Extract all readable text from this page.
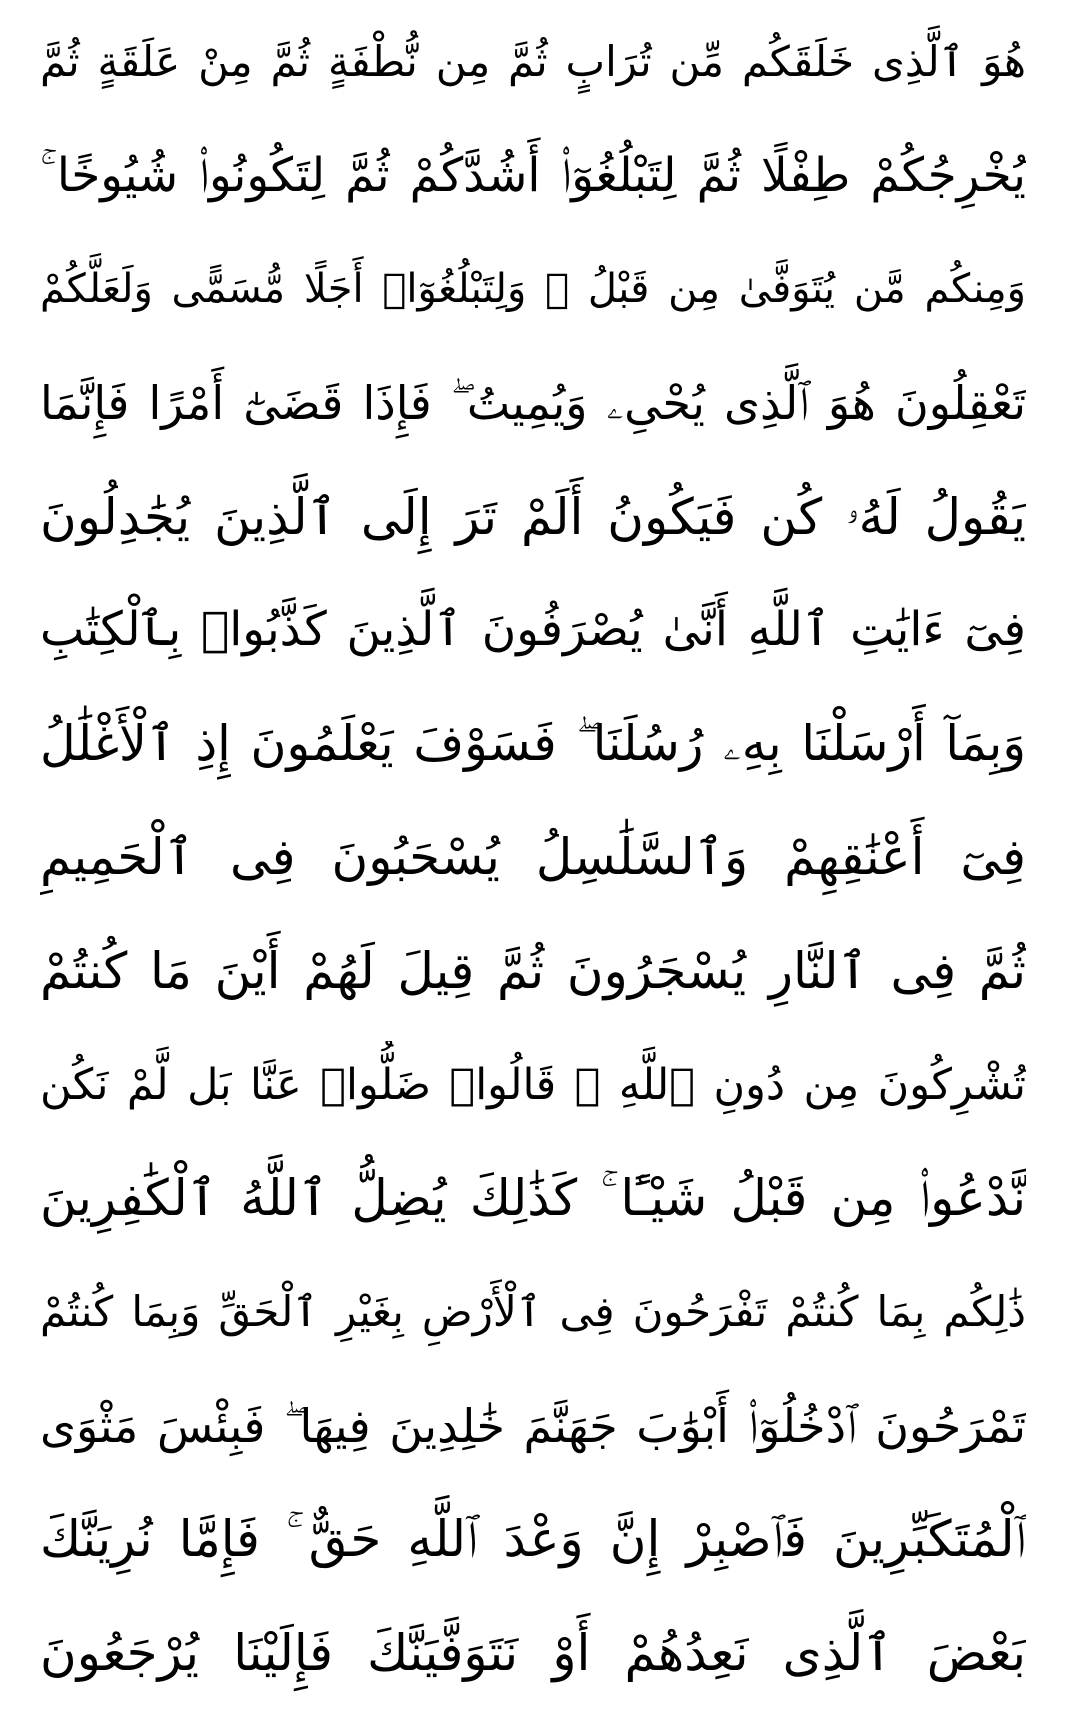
هُوَ ٱلَّذِى خَلَقَكُم مِّن تُرَابٍ ثُمَّ مِن نُّطْفَةٍ ثُمَّ مِنْ عَلَقَةٍ ثُمَّ
يُخْرِجُكُمْ طِفْلًا ثُمَّ لِتَبْلُغُوٓا۟ أَشُدَّكُمْ ثُمَّ لِتَكُونُوا۟ شُيُوخًا ۚ
وَمِنكُم مَّن يُتَوَفَّىٰ مِن قَبْلُ ۖ وَلِتَبْلُغُوٓا۟ أَجَلًا مُّسَمًّى وَلَعَلَّكُمْ
تَعْقِلُونَ هُوَ ٱلَّذِى يُحْىِۦ وَيُمِيتُ ۖ فَإِذَا قَضَىٰٓ أَمْرًا فَإِنَّمَا
يَقُولُ لَهُۥ كُن فَيَكُونُ أَلَمْ تَرَ إِلَى ٱلَّذِينَ يُجَٰدِلُونَ
فِىٓ ءَايَٰتِ ٱللَّهِ أَنَّىٰ يُصْرَفُونَ ٱلَّذِينَ كَذَّبُوا۟ بِٱلْكِتَٰبِ
وَبِمَآ أَرْسَلْنَا بِهِۦ رُسُلَنَا ۖ فَسَوْفَ يَعْلَمُونَ إِذِ ٱلْأَغْلَٰلُ
فِىٓ أَعْنَٰقِهِمْ وَٱلسَّلَٰسِلُ يُسْحَبُونَ فِى ٱلْحَمِيمِ
ثُمَّ فِى ٱلنَّارِ يُسْجَرُونَ ثُمَّ قِيلَ لَهُمْ أَيْنَ مَا كُنتُمْ
تُشْرِكُونَ مِن دُونِ ٱللَّهِ ۖ قَالُوا۟ ضَلُّوا۟ عَنَّا بَل لَّمْ نَكُن
نَّدْعُوا۟ مِن قَبْلُ شَيْـًٔا ۚ كَذَٰلِكَ يُضِلُّ ٱللَّهُ ٱلْكَٰفِرِينَ
ذَٰلِكُم بِمَا كُنتُمْ تَفْرَحُونَ فِى ٱلْأَرْضِ بِغَيْرِ ٱلْحَقِّ وَبِمَا كُنتُمْ
تَمْرَحُونَ ٱدْخُلُوٓا۟ أَبْوَٰبَ جَهَنَّمَ خَٰلِدِينَ فِيهَا ۖ فَبِئْسَ مَثْوَى
ٱلْمُتَكَبِّرِينَ فَٱصْبِرْ إِنَّ وَعْدَ ٱللَّهِ حَقٌّ ۚ فَإِمَّا نُرِيَنَّكَ
بَعْضَ ٱلَّذِى نَعِدُهُمْ أَوْ نَتَوَفَّيَنَّكَ فَإِلَيْنَا يُرْجَعُونَ
